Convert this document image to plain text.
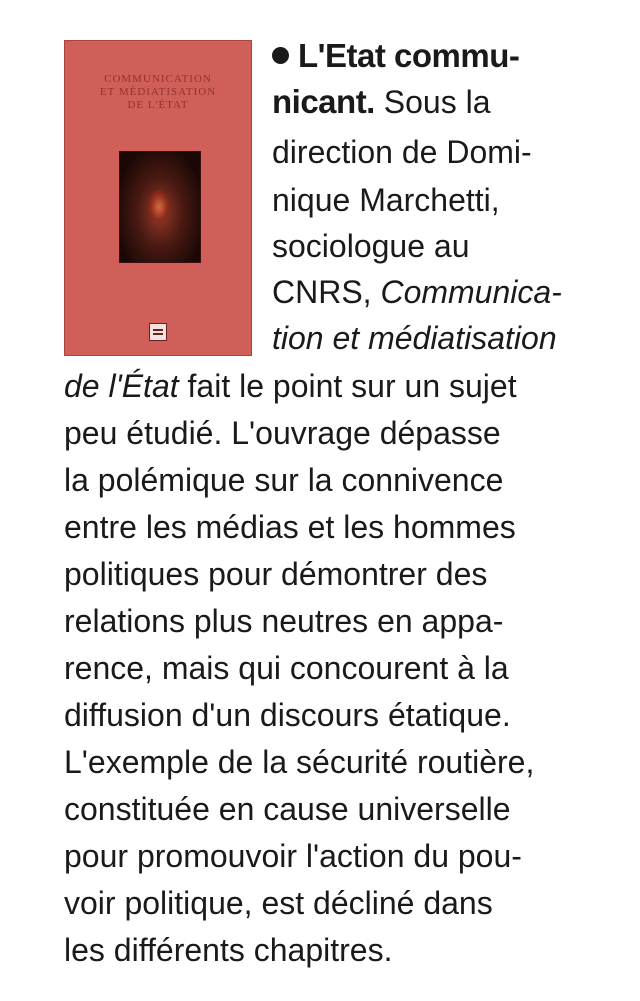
COMMUNICATION
ET MÉDIATISATION
DE L'ÉTAT
L'Etat commu-
nicant. Sous la
direction de Domi-
nique Marchetti,
sociologue au
CNRS, Communica-
tion et médiatisation
de l'État fait le point sur un sujet
peu étudié. L'ouvrage dépasse
la polémique sur la connivence
entre les médias et les hommes
politiques pour démontrer des
relations plus neutres en appa-
rence, mais qui concourent à la
diffusion d'un discours étatique.
L'exemple de la sécurité routière,
constituée en cause universelle
pour promouvoir l'action du pou-
voir politique, est décliné dans
les différents chapitres.
